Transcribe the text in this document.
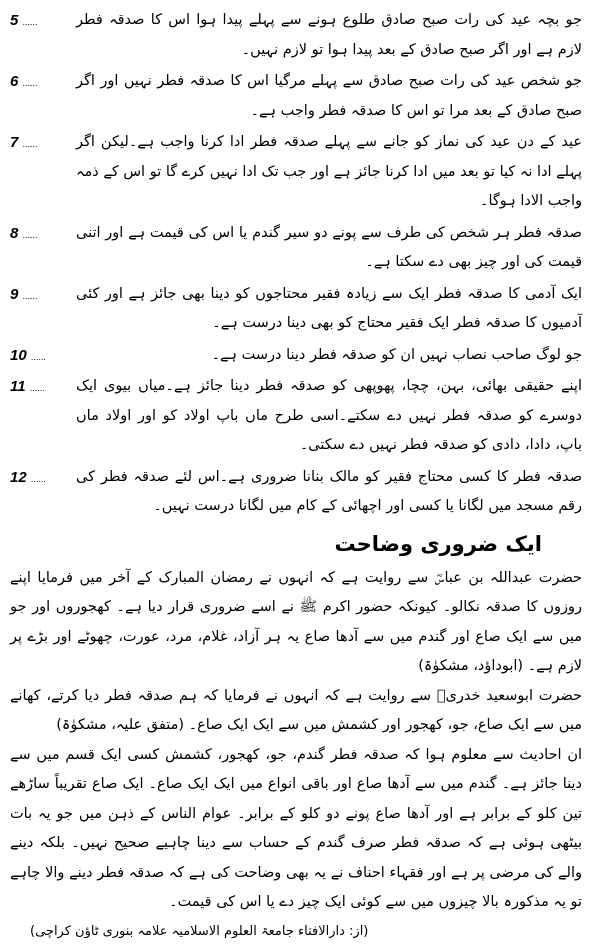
5 ......	جو بچہ عید کی رات صبح صادق طلوع ہونے سے پہلے پیدا ہوا اس کا صدقہ فطر لازم ہے اور اگر صبح صادق کے بعد پیدا ہوا تو لازم نہیں۔
6 ......	جو شخص عید کی رات صبح صادق سے پہلے مرگیا اس کا صدقہ فطر نہیں اور اگر صبح صادق کے بعد مرا تو اس کا صدقہ فطر واجب ہے۔
7 ......	عید کے دن عید کی نماز کو جانے سے پہلے صدقہ فطر ادا کرنا واجب ہے۔لیکن اگر پہلے ادا نہ کیا تو بعد میں ادا کرنا جائز ہے اور جب تک ادا نہیں کرے گا تو اس کے ذمہ واجب الادا ہوگا۔
8 ......	صدقہ فطر ہر شخص کی طرف سے پونے دو سیر گندم یا اس کی قیمت ہے اور اتنی قیمت کی اور چیز بھی دے سکتا ہے۔
9 ......	ایک آدمی کا صدقہ فطر ایک سے زیادہ فقیر محتاجوں کو دینا بھی جائز ہے اور کئی آدمیوں کا صدقہ فطر ایک فقیر محتاج کو بھی دینا درست ہے۔
10 ......	جو لوگ صاحب نصاب نہیں ان کو صدقہ فطر دینا درست ہے۔
11 ......	اپنے حقیقی بھائی، بہن، چچا، پھوپھی کو صدقہ فطر دینا جائز ہے۔میاں بیوی ایک دوسرے کو صدقہ فطر نہیں دے سکتے۔اسی طرح ماں باپ اولاد کو اور اولاد ماں باپ، دادا، دادی کو صدقہ فطر نہیں دے سکتی۔
12 ......	صدقہ فطر کا کسی محتاج فقیر کو مالک بنانا ضروری ہے۔اس لئے صدقہ فطر کی رقم مسجد میں لگانا یا کسی اور اچھائی کے کام میں لگانا درست نہیں۔
ایک ضروری وضاحت

حضرت عبداللہ بن عباسؓ سے روایت ہے کہ انہوں نے رمضان المبارک کے آخر میں فرمایا اپنے روزوں کا صدقہ نکالو۔ کیونکہ حضور اکرم ﷺ نے اسے ضروری قرار دیا ہے۔ کھجوروں اور جو میں سے ایک صاع اور گندم میں سے آدھا صاع یہ ہر آزاد، غلام، مرد، عورت، چھوٹے اور بڑے پر لازم ہے۔ (ابوداؤد، مشکوٰۃ)

حضرت ابوسعید خدریؓ سے روایت ہے کہ انہوں نے فرمایا کہ ہم صدقہ فطر دیا کرتے، کھانے میں سے ایک صاع، جو، کھجور اور کشمش میں سے ایک ایک صاع۔ (متفق علیہ، مشکوٰۃ)

ان احادیث سے معلوم ہوا کہ صدقہ فطر گندم، جو، کھجور، کشمش کسی ایک قسم میں سے دینا جائز ہے۔ گندم میں سے آدھا صاع اور باقی انواع میں ایک ایک صاع۔ ایک صاع تقریباً ساڑھے تین کلو کے برابر ہے اور آدھا صاع پونے دو کلو کے برابر۔ عوام الناس کے ذہن میں جو یہ بات بیٹھی ہوئی ہے کہ صدقہ فطر صرف گندم کے حساب سے دینا چاہیے صحیح نہیں۔ بلکہ دینے والے کی مرضی پر ہے اور فقہاء احناف نے یہ بھی وضاحت کی ہے کہ صدقہ فطر دینے والا چاہے تو یہ مذکورہ بالا چیزوں میں سے کوئی ایک چیز دے یا اس کی قیمت۔

(از: دارالافتاء جامعۃ العلوم الاسلامیہ علامہ بنوری ٹاؤن کراچی)
